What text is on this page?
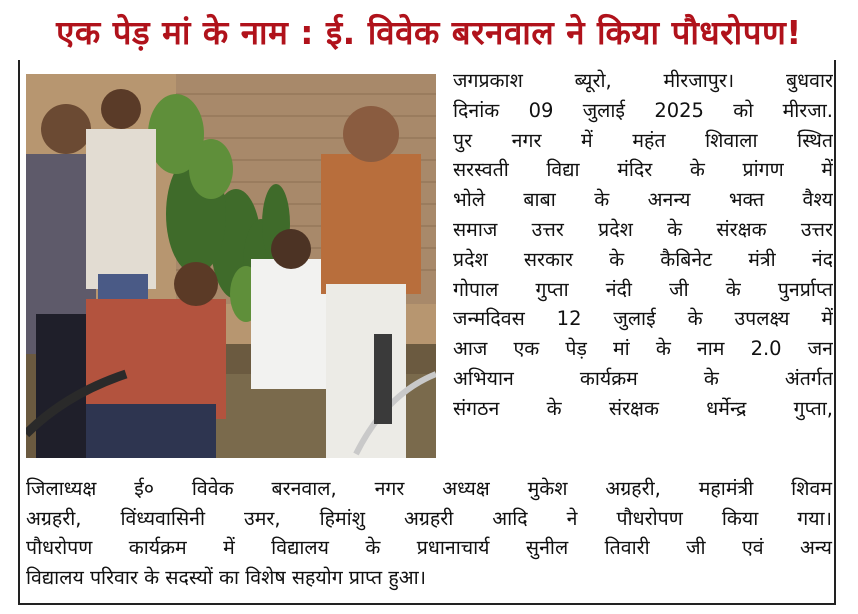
एक पेड़ मां के नाम : ई. विवेक बरनवाल ने किया पौधरोपण!
जगप्रकाश ब्यूरो, मीरजापुर। बुधवार
दिनांक 09 जुलाई 2025 को मीरजा.
पुर नगर में महंत शिवाला स्थित
सरस्वती विद्या मंदिर के प्रांगण में
भोले बाबा के अनन्य भक्त वैश्य
समाज उत्तर प्रदेश के संरक्षक उत्तर
प्रदेश सरकार के कैबिनेट मंत्री नंद
गोपाल गुप्ता नंदी जी के पुनर्प्राप्त
जन्मदिवस 12 जुलाई के उपलक्ष्य में
आज एक पेड़ मां के नाम 2.0 जन
अभियान कार्यक्रम के अंतर्गत
संगठन के संरक्षक धर्मेन्द्र गुप्ता,
जिलाध्यक्ष ई० विवेक बरनवाल, नगर अध्यक्ष मुकेश अग्रहरी, महामंत्री शिवम
अग्रहरी, विंध्यवासिनी उमर, हिमांशु अग्रहरी आदि ने पौधरोपण किया गया।
पौधरोपण कार्यक्रम में विद्यालय के प्रधानाचार्य सुनील तिवारी जी एवं अन्य
विद्यालय परिवार के सदस्यों का विशेष सहयोग प्राप्त हुआ।
